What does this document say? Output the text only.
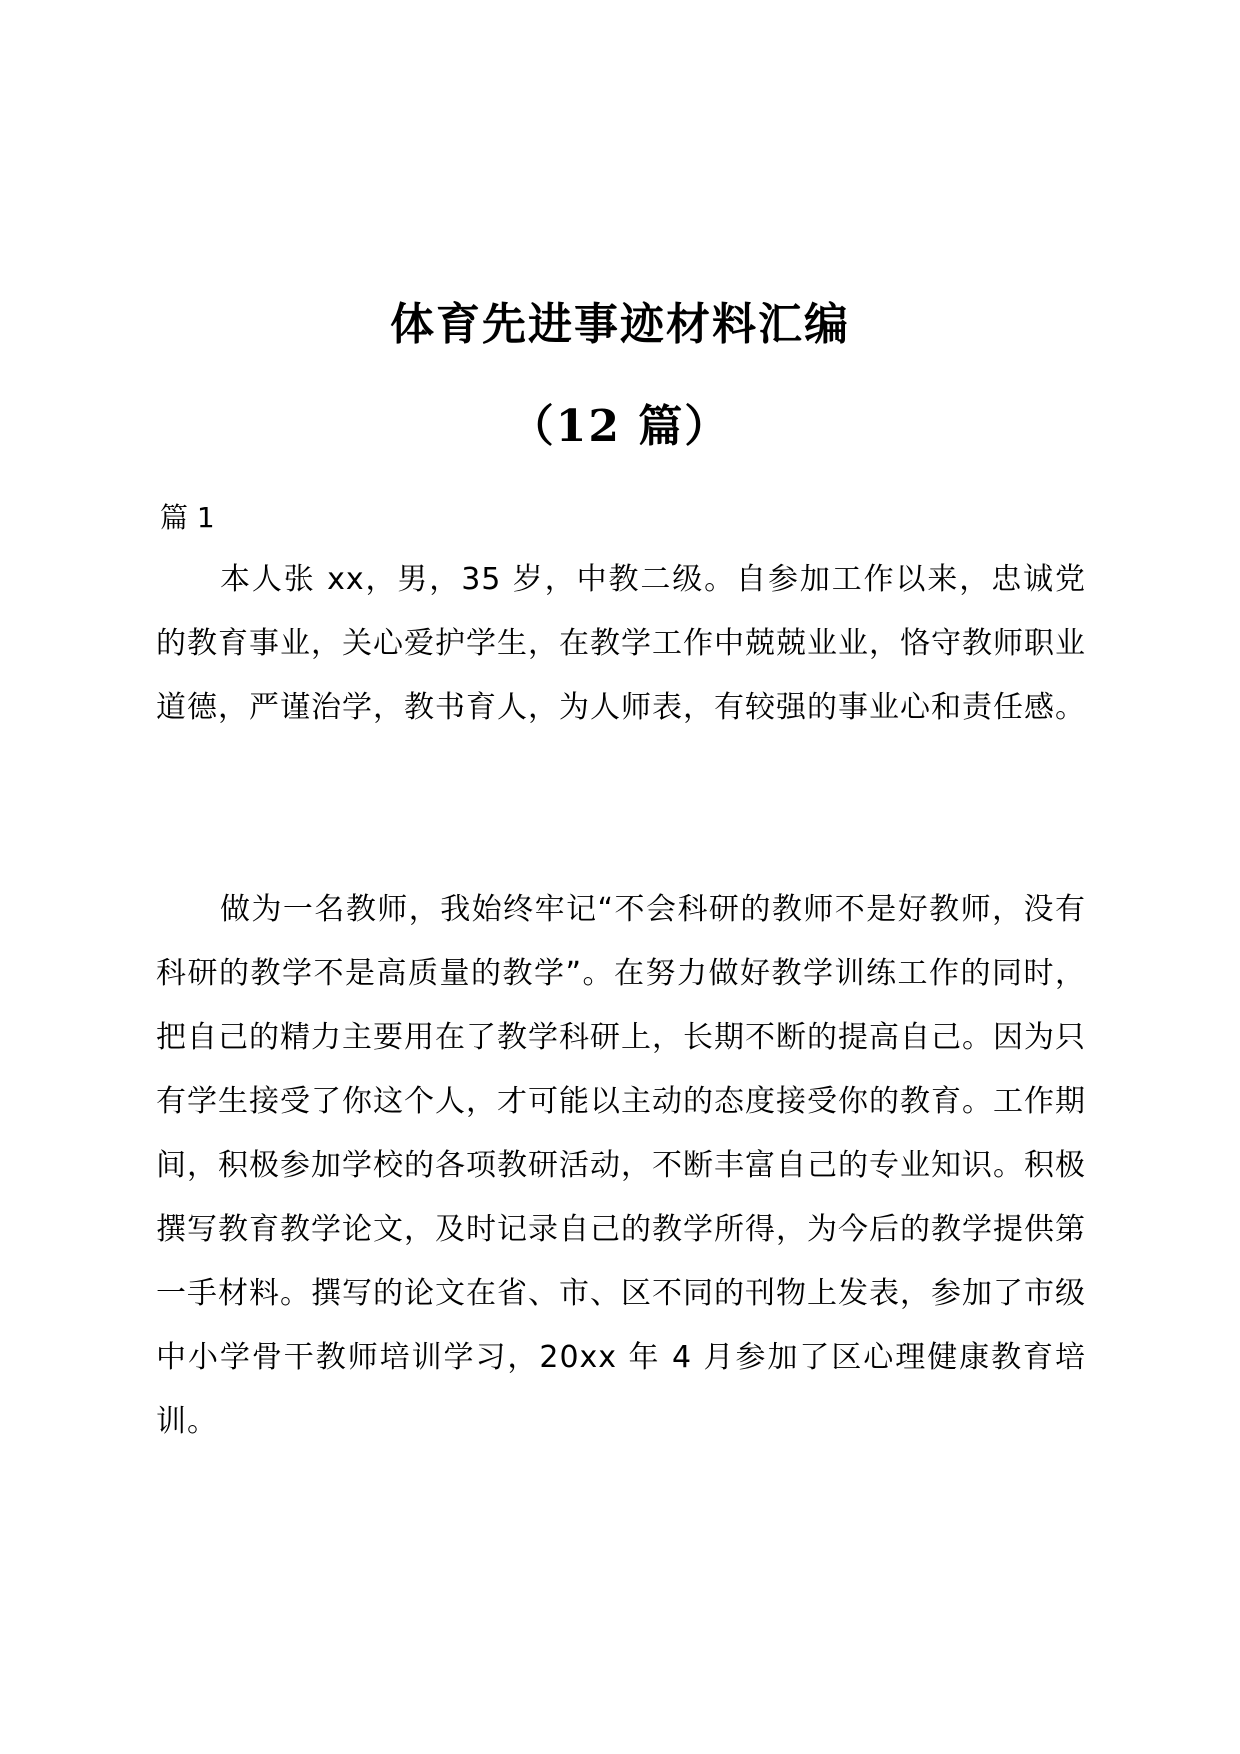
体育先进事迹材料汇编
（12 篇）
篇 1

本人张 xx，男，35 岁，中教二级。自参加工作以来，忠诚党的教育事业，关心爱护学生，在教学工作中兢兢业业，恪守教师职业道德，严谨治学，教书育人，为人师表，有较强的事业心和责任感。

做为一名教师，我始终牢记“不会科研的教师不是好教师，没有科研的教学不是高质量的教学”。在努力做好教学训练工作的同时，把自己的精力主要用在了教学科研上，长期不断的提高自己。因为只有学生接受了你这个人，才可能以主动的态度接受你的教育。工作期间，积极参加学校的各项教研活动，不断丰富自己的专业知识。积极撰写教育教学论文，及时记录自己的教学所得，为今后的教学提供第一手材料。撰写的论文在省、市、区不同的刊物上发表，参加了市级中小学骨干教师培训学习，20xx 年 4 月参加了区心理健康教育培训。
